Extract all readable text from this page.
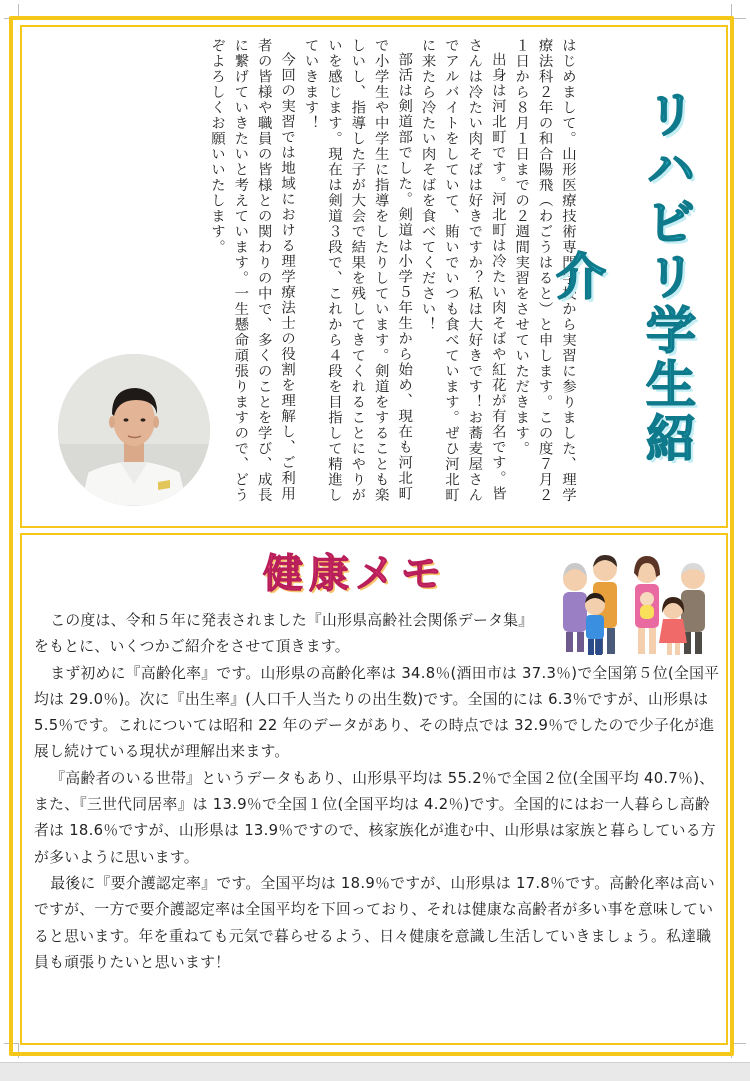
はじめまして。山形医療技術専門学校から実習に参りました、理学療法科２年の和合陽飛（わごうはると）と申します。この度７月２１日から８月１日までの２週間実習をさせていただきます。

出身は河北町です。河北町は冷たい肉そばや紅花が有名です。皆さんは冷たい肉そばは好きですか？私は大好きです！お蕎麦屋さんでアルバイトをしていて、賄いでいつも食べています。ぜひ河北町に来たら冷たい肉そばを食べてください！

部活は剣道部でした。剣道は小学５年生から始め、現在も河北町で小学生や中学生に指導をしたりしています。剣道をすることも楽しいし、指導した子が大会で結果を残してきてくれることにやりがいを感じます。現在は剣道３段で、これから４段を目指して精進していきます！

今回の実習では地域における理学療法士の役割を理解し、ご利用者の皆様や職員の皆様との関わりの中で、多くのことを学び、成長に繋げていきたいと考えています。一生懸命頑張りますので、どうぞよろしくお願いいたします。	リハビリ学生紹介
健康メモ

この度は、令和５年に発表されました『山形県高齢社会関係データ集』をもとに、いくつかご紹介をさせて頂きます。

まず初めに『高齢化率』です。山形県の高齢化率は 34.8％(酒田市は 37.3％)で全国第５位(全国平均は 29.0％)。次に『出生率』(人口千人当たりの出生数)です。全国的には 6.3％ですが、山形県は 5.5％です。これについては昭和 22 年のデータがあり、その時点では 32.9％でしたので少子化が進展し続けている現状が理解出来ます。

『高齢者のいる世帯』というデータもあり、山形県平均は 55.2％で全国２位(全国平均 40.7％)、また、『三世代同居率』は 13.9％で全国１位(全国平均は 4.2％)です。全国的にはお一人暮らし高齢者は 18.6％ですが、山形県は 13.9％ですので、核家族化が進む中、山形県は家族と暮らしている方が多いように思います。

最後に『要介護認定率』です。全国平均は 18.9％ですが、山形県は 17.8％です。高齢化率は高いですが、一方で要介護認定率は全国平均を下回っており、それは健康な高齢者が多い事を意味していると思います。年を重ねても元気で暮らせるよう、日々健康を意識し生活していきましょう。私達職員も頑張りたいと思います！
